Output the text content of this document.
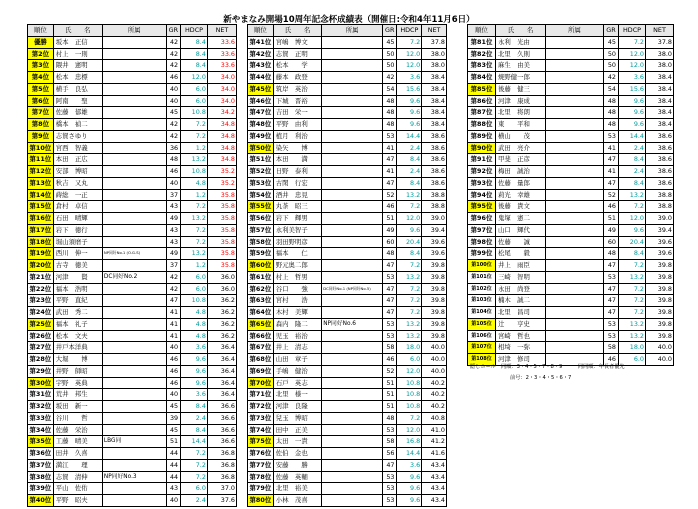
新やまなみ開場10周年記念杯成績表（開催日:令和4年11月6日）
順位	氏　　名	所属	GR	HDCP	NET
優勝	坂本　正信		42	8.4	33.6
第2位	村上　一則		42	8.4	33.6
第3位	隈井　憲明		42	8.4	33.6
第4位	松本　忠標		46	12.0	34.0
第5位	横手　良弘		40	6.0	34.0
第6位	阿南　　聖		40	6.0	34.0
第7位	佐藤　郁雄		45	10.8	34.2
第8位	橋本　禎二		42	7.2	34.8
第9位	志賀さゆり		42	7.2	34.8
第10位	宮西　智義		36	1.2	34.8
第11位	本田　正広		48	13.2	34.8
第12位	安部　博昭		46	10.8	35.2
第13位	秋吉　又丸		40	4.8	35.2
第14位	蒔総　一正		37	1.2	35.8
第15位	倉村　卓信		43	7.2	35.8
第16位	石田　晴輝		49	13.2	35.8
第17位	岩下　徳行		43	7.2	35.8
第18位	堀山須磨子		43	7.2	35.8
第19位	西川　伸一	NP同好No.1 (O.G.S)	49	13.2	35.8
第20位	古寺　徳美		37	1.2	35.8
第21位	河津　　賢	DC同好No.2	42	6.0	36.0
第22位	福本　浩明		42	6.0	36.0
第23位	平野　直紀		47	10.8	36.2
第24位	武田　秀二		41	4.8	36.2
第25位	福本　礼子		41	4.8	36.2
第26位	松本　文夫		41	4.8	36.2
第27位	井戸本洋典		40	3.6	36.4
第28位	大堀　　博		46	9.6	36.4
第29位	井野　師昭		46	9.6	36.4
第30位	宇野　英典		46	9.6	36.4
第31位	荒井　邦生		40	3.6	36.4
第32位	坂田　新一		45	8.4	36.6
第33位	谷川　　哲		39	2.4	36.6
第34位	佐藤　栄治		45	8.4	36.6
第35位	工藤　晴美	LBG同	51	14.4	36.6
第36位	田井　久喜		44	7.2	36.8
第37位	満江　　理		44	7.2	36.8
第38位	志賀　清伸	NP同好No.3	44	7.2	36.8
第39位	平山　佐佑		43	6.0	37.0
第40位	平野　昭夫		40	2.4	37.6
順位	氏　　名	所属	GR	HDCP	NET
第41位	宮嶋　博文		45	7.2	37.8
第42位	志賀　正明		50	12.0	38.0
第43位	松本　　学		50	12.0	38.0
第44位	藤本　政登		42	3.6	38.4
第45位	筑岸　英治		54	15.6	38.4
第46位	下城　晋裕		48	9.6	38.4
第47位	吉田　栄一		48	9.6	38.4
第48位	平野　由利		48	9.6	38.4
第49位	植月　利治		53	14.4	38.6
第50位	染矢　　博		41	2.4	38.6
第51位	本田　　満		47	8.4	38.6
第52位	日野　泰利		41	2.4	38.6
第53位	古閑　行宏		47	8.4	38.6
第54位	酒井　忠見		52	13.2	38.8
第55位	丸茶　昭三		46	7.2	38.8
第56位	岩下　輝男		51	12.0	39.0
第57位	永利美智子		49	9.6	39.4
第58位	羽田野明彦		60	20.4	39.6
第59位	福本　　仁		48	8.4	39.6
第60位	野元奥二郎		47	7.2	39.8
第61位	村上　哲男		53	13.2	39.8
第62位	谷口　　強	DC同好No.1 (NP同好No.5)	47	7.2	39.8
第63位	宮村　　浩		47	7.2	39.8
第64位	木村　美輝		47	7.2	39.8
第65位	森内　隆二	NP同好No.6	53	13.2	39.8
第66位	児玉　裕治		53	13.2	39.8
第67位	井上　清志		58	18.0	40.0
第68位	山田　章子		46	6.0	40.0
第69位	手嶋　健治		52	12.0	40.0
第70位	石戸　英志		51	10.8	40.2
第71位	北里　様一		51	10.8	40.2
第72位	河津　良隆		51	10.8	40.2
第73位	兒玉　博昭		48	7.2	40.8
第74位	田中　正美		53	12.0	41.0
第75位	太田　一貴		58	16.8	41.2
第76位	佐伯　金也		56	14.4	41.6
第77位	安藤　　勝		47	3.6	43.4
第78位	佐藤　英輔		53	9.6	43.4
第79位	北里　裕美		53	9.6	43.4
第80位	小林　茂喜		53	9.6	43.4
順位	氏　　名	所属	GR	HDCP	NET
第81位	永利　光由		45	7.2	37.8
第82位	北里　久則		50	12.0	38.0
第83位	麻生　由美		50	12.0	38.0
第84位	焼野健一郎		42	3.6	38.4
第85位	後藤　健三		54	15.6	38.4
第86位	河津　康成		48	9.6	38.4
第87位	北里　将朗		48	9.6	38.4
第88位	東　　平和		48	9.6	38.4
第89位	横山　　茂		53	14.4	38.6
第90位	武田　亮介		41	2.4	38.6
第91位	甲斐　正彦		47	8.4	38.6
第92位	梅田　誠治		41	2.4	38.6
第93位	佐藤　量郎		47	8.4	38.6
第94位	莉光　幸雄		52	13.2	38.8
第95位	後藤　貴文		46	7.2	38.8
第96位	鬼塚　憲二		51	12.0	39.0
第97位	山口　輝代		49	9.6	39.4
第98位	佐藤　　誠		60	20.4	39.6
第99位	松尾　　毅		48	8.4	39.6
第100位	井上　雨臣		47	7.2	39.8
第101位	三崎　智明		53	13.2	39.8
第102位	永田　尚登		47	7.2	39.8
第103位	楠木　誠二		47	7.2	39.8
第104位	北里　昌司		47	7.2	39.8
第105位	辻　　亨史		53	13.2	39.8
第106位	宮崎　哲也		53	13.2	39.8
第107位	相埼　一弥		58	18.0	40.0
第108位	河津　修司		46	6.0	40.0
隠しホール　同順：3・4・5・7・8・9　　　同同順：年長者優先
前号：2・3・4・5・6・7
